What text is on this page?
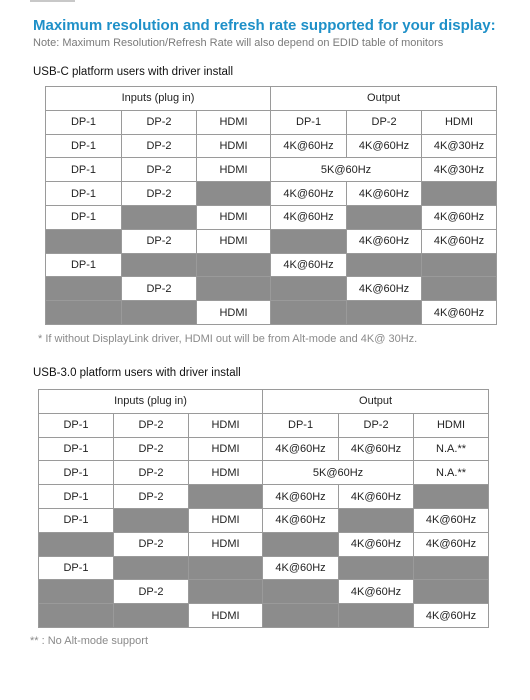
Maximum resolution and refresh rate supported for your display:
Note: Maximum Resolution/Refresh Rate will also depend on EDID table of monitors
USB-C platform users with driver install
Inputs (plug in)			Output		
DP-1	DP-2	HDMI	DP-1	DP-2	HDMI
DP-1	DP-2	HDMI	4K@60Hz	4K@60Hz	4K@30Hz
DP-1	DP-2	HDMI	5K@60Hz		4K@30Hz
DP-1	DP-2		4K@60Hz	4K@60Hz	
DP-1		HDMI	4K@60Hz		4K@60Hz
	DP-2	HDMI		4K@60Hz	4K@60Hz
DP-1			4K@60Hz		
	DP-2			4K@60Hz	
		HDMI			4K@60Hz
* If without DisplayLink driver, HDMI out will be from Alt-mode and 4K@ 30Hz.
USB-3.0 platform users with driver install
Inputs (plug in)			Output		
DP-1	DP-2	HDMI	DP-1	DP-2	HDMI
DP-1	DP-2	HDMI	4K@60Hz	4K@60Hz	N.A.**
DP-1	DP-2	HDMI	5K@60Hz		N.A.**
DP-1	DP-2		4K@60Hz	4K@60Hz	
DP-1		HDMI	4K@60Hz		4K@60Hz
	DP-2	HDMI		4K@60Hz	4K@60Hz
DP-1			4K@60Hz		
	DP-2			4K@60Hz	
		HDMI			4K@60Hz
** : No Alt-mode support
